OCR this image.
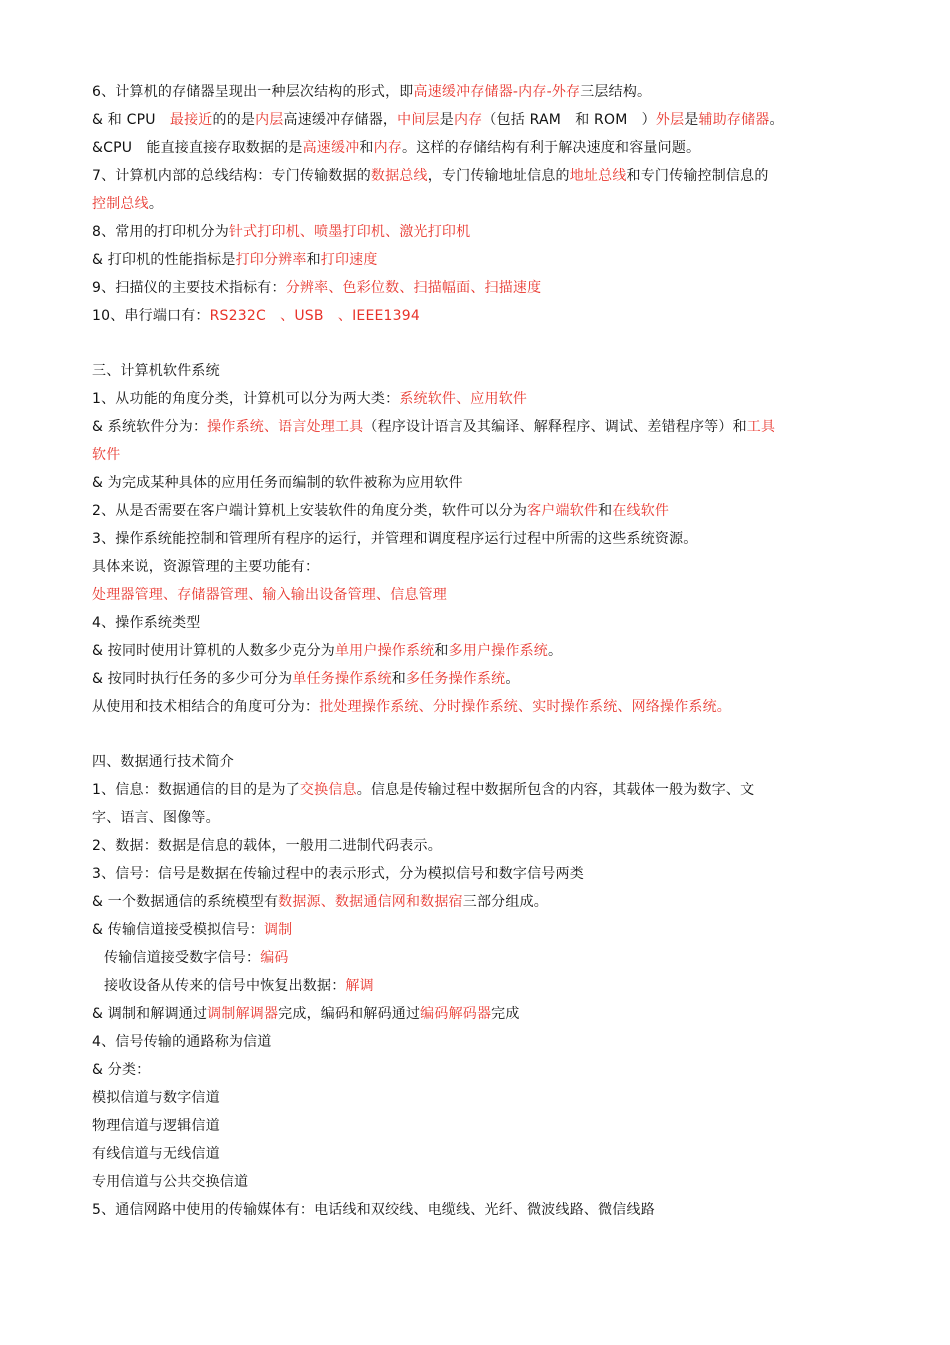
6、计算机的存储器呈现出一种层次结构的形式，即高速缓冲存储器-内存-外存三层结构。
& 和 CPU　最接近的的是内层高速缓冲存储器，中间层是内存（包括 RAM　和 ROM　）外层是辅助存储器。
&CPU　能直接直接存取数据的是高速缓冲和内存。这样的存储结构有利于解决速度和容量问题。
7、计算机内部的总线结构：专门传输数据的数据总线，专门传输地址信息的地址总线和专门传输控制信息的
控制总线。
8、常用的打印机分为针式打印机、喷墨打印机、激光打印机
& 打印机的性能指标是打印分辨率和打印速度
9、扫描仪的主要技术指标有：分辨率、色彩位数、扫描幅面、扫描速度
10、串行端口有：RS232C　、USB　、IEEE1394
三、计算机软件系统
1、从功能的角度分类，计算机可以分为两大类：系统软件、应用软件
& 系统软件分为：操作系统、语言处理工具（程序设计语言及其编译、解释程序、调试、差错程序等）和工具
软件
& 为完成某种具体的应用任务而编制的软件被称为应用软件
2、从是否需要在客户端计算机上安装软件的角度分类，软件可以分为客户端软件和在线软件
3、操作系统能控制和管理所有程序的运行，并管理和调度程序运行过程中所需的这些系统资源。
具体来说，资源管理的主要功能有：
处理器管理、存储器管理、输入输出设备管理、信息管理
4、操作系统类型
& 按同时使用计算机的人数多少克分为单用户操作系统和多用户操作系统。
& 按同时执行任务的多少可分为单任务操作系统和多任务操作系统。
从使用和技术相结合的角度可分为：批处理操作系统、分时操作系统、实时操作系统、网络操作系统。
四、数据通行技术简介
1、信息：数据通信的目的是为了交换信息。信息是传输过程中数据所包含的内容，其载体一般为数字、文
字、语言、图像等。
2、数据：数据是信息的载体，一般用二进制代码表示。
3、信号：信号是数据在传输过程中的表示形式，分为模拟信号和数字信号两类
& 一个数据通信的系统模型有数据源、数据通信网和数据宿三部分组成。
& 传输信道接受模拟信号：调制
传输信道接受数字信号：编码
接收设备从传来的信号中恢复出数据：解调
& 调制和解调通过调制解调器完成，编码和解码通过编码解码器完成
4、信号传输的通路称为信道
& 分类：
模拟信道与数字信道
物理信道与逻辑信道
有线信道与无线信道
专用信道与公共交换信道
5、通信网路中使用的传输媒体有：电话线和双绞线、电缆线、光纤、微波线路、微信线路
